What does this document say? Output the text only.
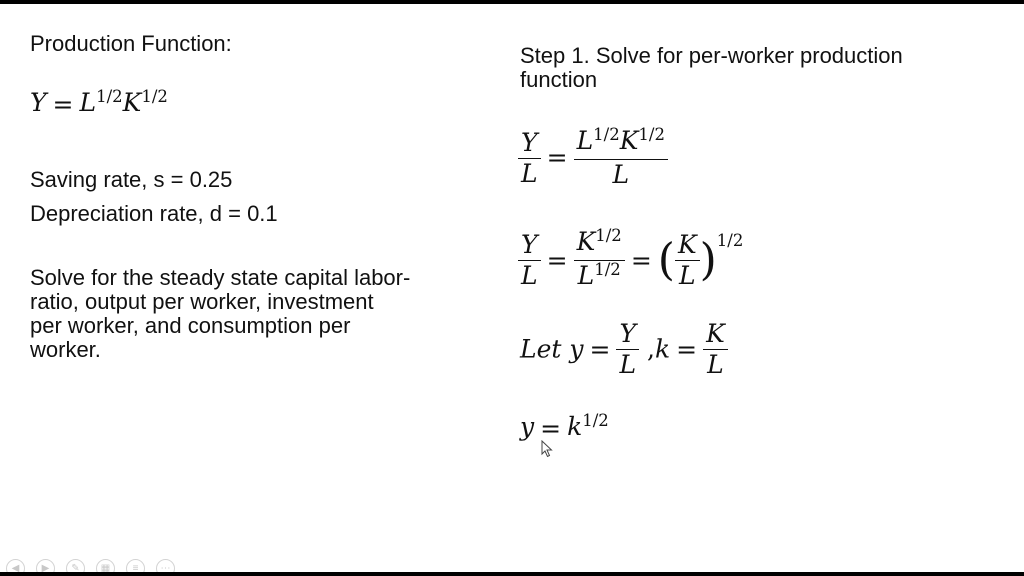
Production Function:
$Y = L^{1/2}K^{1/2}$
Saving rate, s = 0.25
Depreciation rate, d = 0.1
Solve for the steady state capital labor-
ratio, output per worker, investment
per worker, and consumption per
worker.
Step 1. Solve for per-worker production
function
$\frac{Y}{L} = \frac{L^{1/2}K^{1/2}}{L}$
$\frac{Y}{L} = \frac{K^{1/2}}{L^{1/2}}$ = ( $\frac{K}{L} )^{1/2}$
Let $y = \frac{Y}{L} ,k = \frac{K}{L}$
$y = k^{1/2}$
◀	▶	✎	▦	≡	⋯
